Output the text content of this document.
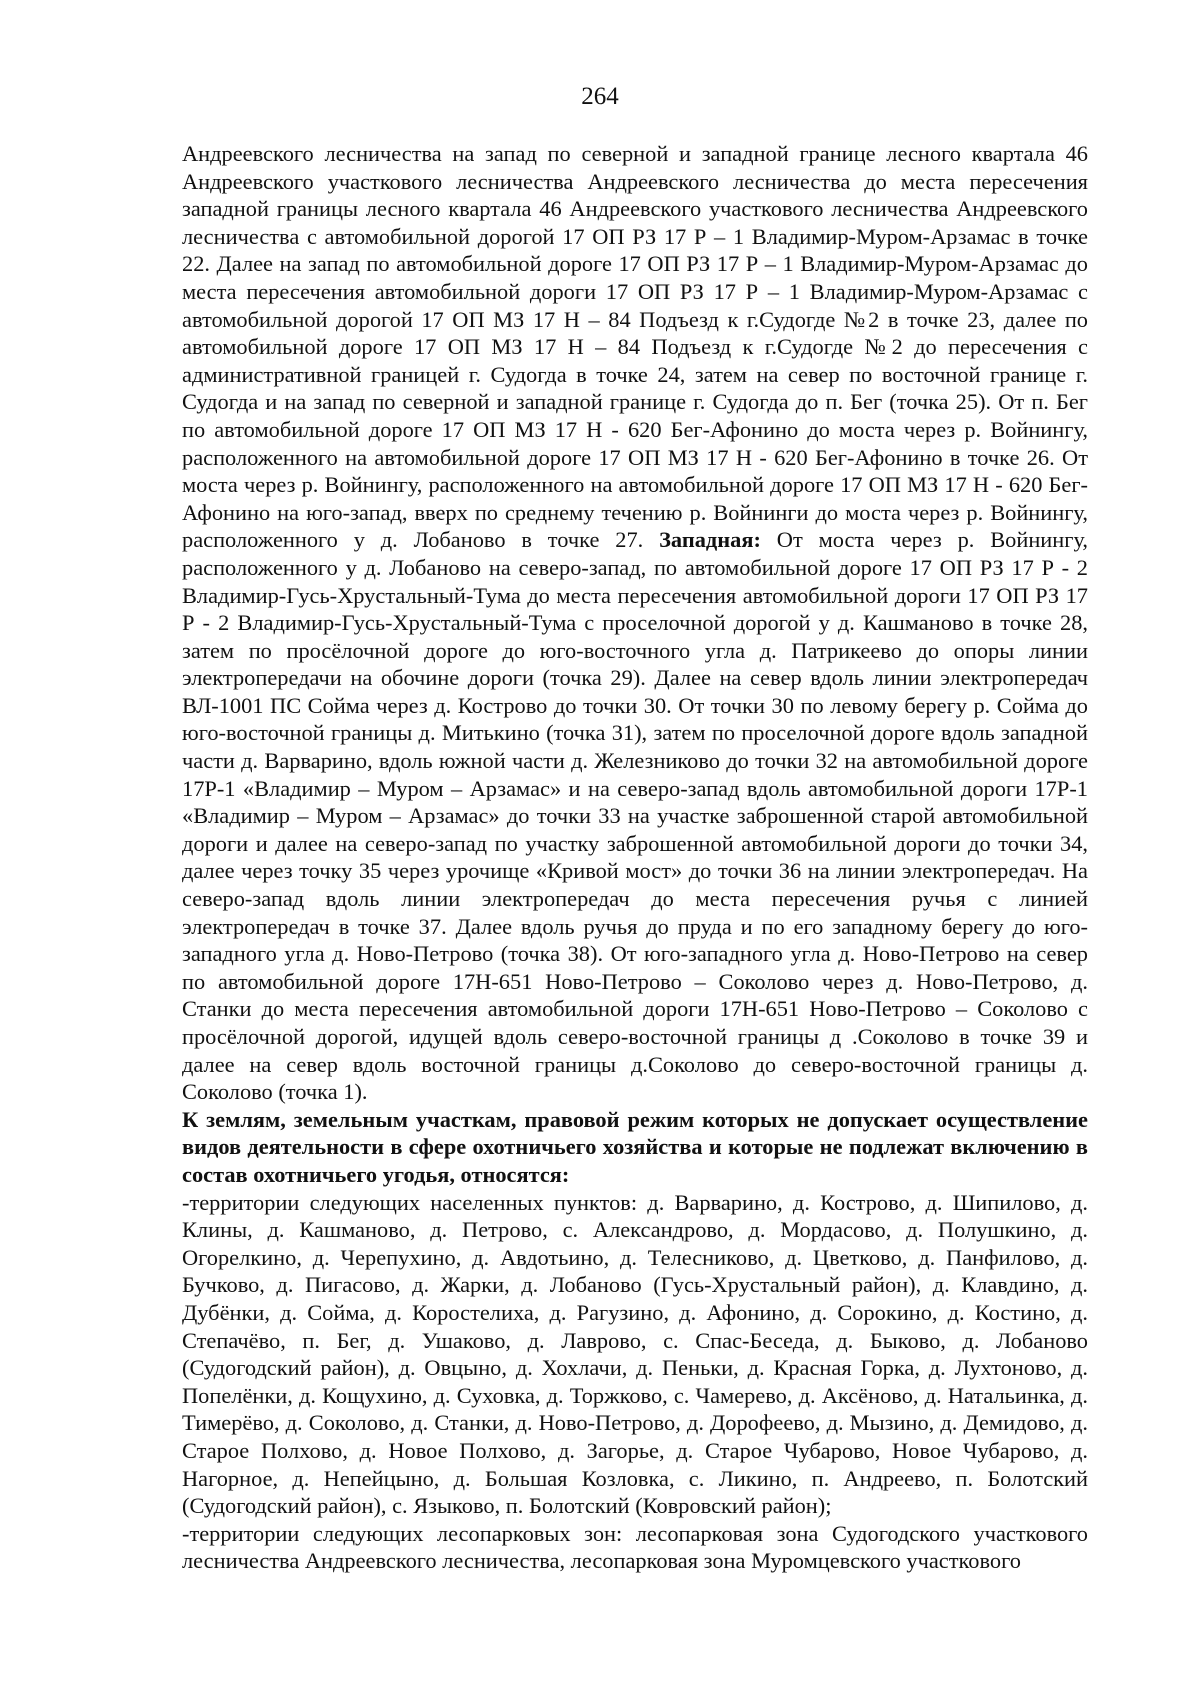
264

Андреевского лесничества на запад по северной и западной границе лесного квартала 46 Андреевского участкового лесничества Андреевского лесничества до места пересечения западной границы лесного квартала 46 Андреевского участкового лесничества Андреевского лесничества с автомобильной дорогой 17 ОП РЗ 17 Р – 1 Владимир-Муром-Арзамас в точке 22. Далее на запад по автомобильной дороге 17 ОП РЗ 17 Р – 1 Владимир-Муром-Арзамас до места пересечения автомобильной дороги 17 ОП РЗ 17 Р – 1 Владимир-Муром-Арзамас с автомобильной дорогой 17 ОП МЗ 17 Н – 84 Подъезд к г.Судогде №2 в точке 23, далее по автомобильной дороге 17 ОП МЗ 17 Н – 84 Подъезд к г.Судогде №2 до пересечения с административной границей г. Судогда в точке 24, затем на север по восточной границе г. Судогда и на запад по северной и западной границе г. Судогда до п. Бег (точка 25). От п. Бег по автомобильной дороге 17 ОП МЗ 17 Н - 620 Бег-Афонино до моста через р. Войнингу, расположенного на автомобильной дороге 17 ОП МЗ 17 Н - 620 Бег-Афонино в точке 26. От моста через р. Войнингу, расположенного на автомобильной дороге 17 ОП МЗ 17 Н - 620 Бег-Афонино на юго-запад, вверх по среднему течению р. Войнинги до моста через р. Войнингу, расположенного у д. Лобаново в точке 27. Западная: От моста через р. Войнингу, расположенного у д. Лобаново на северо-запад, по автомобильной дороге 17 ОП РЗ 17 Р - 2 Владимир-Гусь-Хрустальный-Тума до места пересечения автомобильной дороги 17 ОП РЗ 17 Р - 2 Владимир-Гусь-Хрустальный-Тума с проселочной дорогой у д. Кашманово в точке 28, затем по просёлочной дороге до юго-восточного угла д. Патрикеево до опоры линии электропередачи на обочине дороги (точка 29). Далее на север вдоль линии электропередач ВЛ-1001 ПС Сойма через д. Кострово до точки 30. От точки 30 по левому берегу р. Сойма до юго-восточной границы д. Митькино (точка 31), затем по проселочной дороге вдоль западной части д. Варварино, вдоль южной части д. Железниково до точки 32 на автомобильной дороге 17Р-1 «Владимир – Муром – Арзамас» и на северо-запад вдоль автомобильной дороги 17Р-1 «Владимир – Муром – Арзамас» до точки 33 на участке заброшенной старой автомобильной дороги и далее на северо-запад по участку заброшенной автомобильной дороги до точки 34, далее через точку 35 через урочище «Кривой мост» до точки 36 на линии электропередач. На северо-запад вдоль линии электропередач до места пересечения ручья с линией электропередач в точке 37. Далее вдоль ручья до пруда и по его западному берегу до юго-западного угла д. Ново-Петрово (точка 38). От юго-западного угла д. Ново-Петрово на север по автомобильной дороге 17Н-651 Ново-Петрово – Соколово через д. Ново-Петрово, д. Станки до места пересечения автомобильной дороги 17Н-651 Ново-Петрово – Соколово с просёлочной дорогой, идущей вдоль северо-восточной границы д .Соколово в точке 39 и далее на север вдоль восточной границы д.Соколово до северо-восточной границы д. Соколово (точка 1).

К землям, земельным участкам, правовой режим которых не допускает осуществление видов деятельности в сфере охотничьего хозяйства и которые не подлежат включению в состав охотничьего угодья, относятся:

-территории следующих населенных пунктов: д. Варварино, д. Кострово, д. Шипилово, д. Клины, д. Кашманово, д. Петрово, с. Александрово, д. Мордасово, д. Полушкино, д. Огорелкино, д. Черепухино, д. Авдотьино, д. Телесниково, д. Цветково, д. Панфилово, д. Бучково, д. Пигасово, д. Жарки, д. Лобаново (Гусь-Хрустальный район), д. Клавдино, д. Дубёнки, д. Сойма, д. Коростелиха, д. Рагузино, д. Афонино, д. Сорокино, д. Костино, д. Степачёво, п. Бег, д. Ушаково, д. Лаврово, с. Спас-Беседа, д. Быково, д. Лобаново (Судогодский район), д. Овцыно, д. Хохлачи, д. Пеньки, д. Красная Горка, д. Лухтоново, д. Попелёнки, д. Кощухино, д. Суховка, д. Торжково, с. Чамерево, д. Аксёново, д. Натальинка, д. Тимерёво, д. Соколово, д. Станки, д. Ново-Петрово, д. Дорофеево, д. Мызино, д. Демидово, д. Старое Полхово, д. Новое Полхово, д. Загорье, д. Старое Чубарово, Новое Чубарово, д. Нагорное, д. Непейцыно, д. Большая Козловка, с. Ликино, п. Андреево, п. Болотский (Судогодский район), с. Языково, п. Болотский (Ковровский район);

-территории следующих лесопарковых зон: лесопарковая зона Судогодского участкового лесничества Андреевского лесничества, лесопарковая зона Муромцевского участкового
